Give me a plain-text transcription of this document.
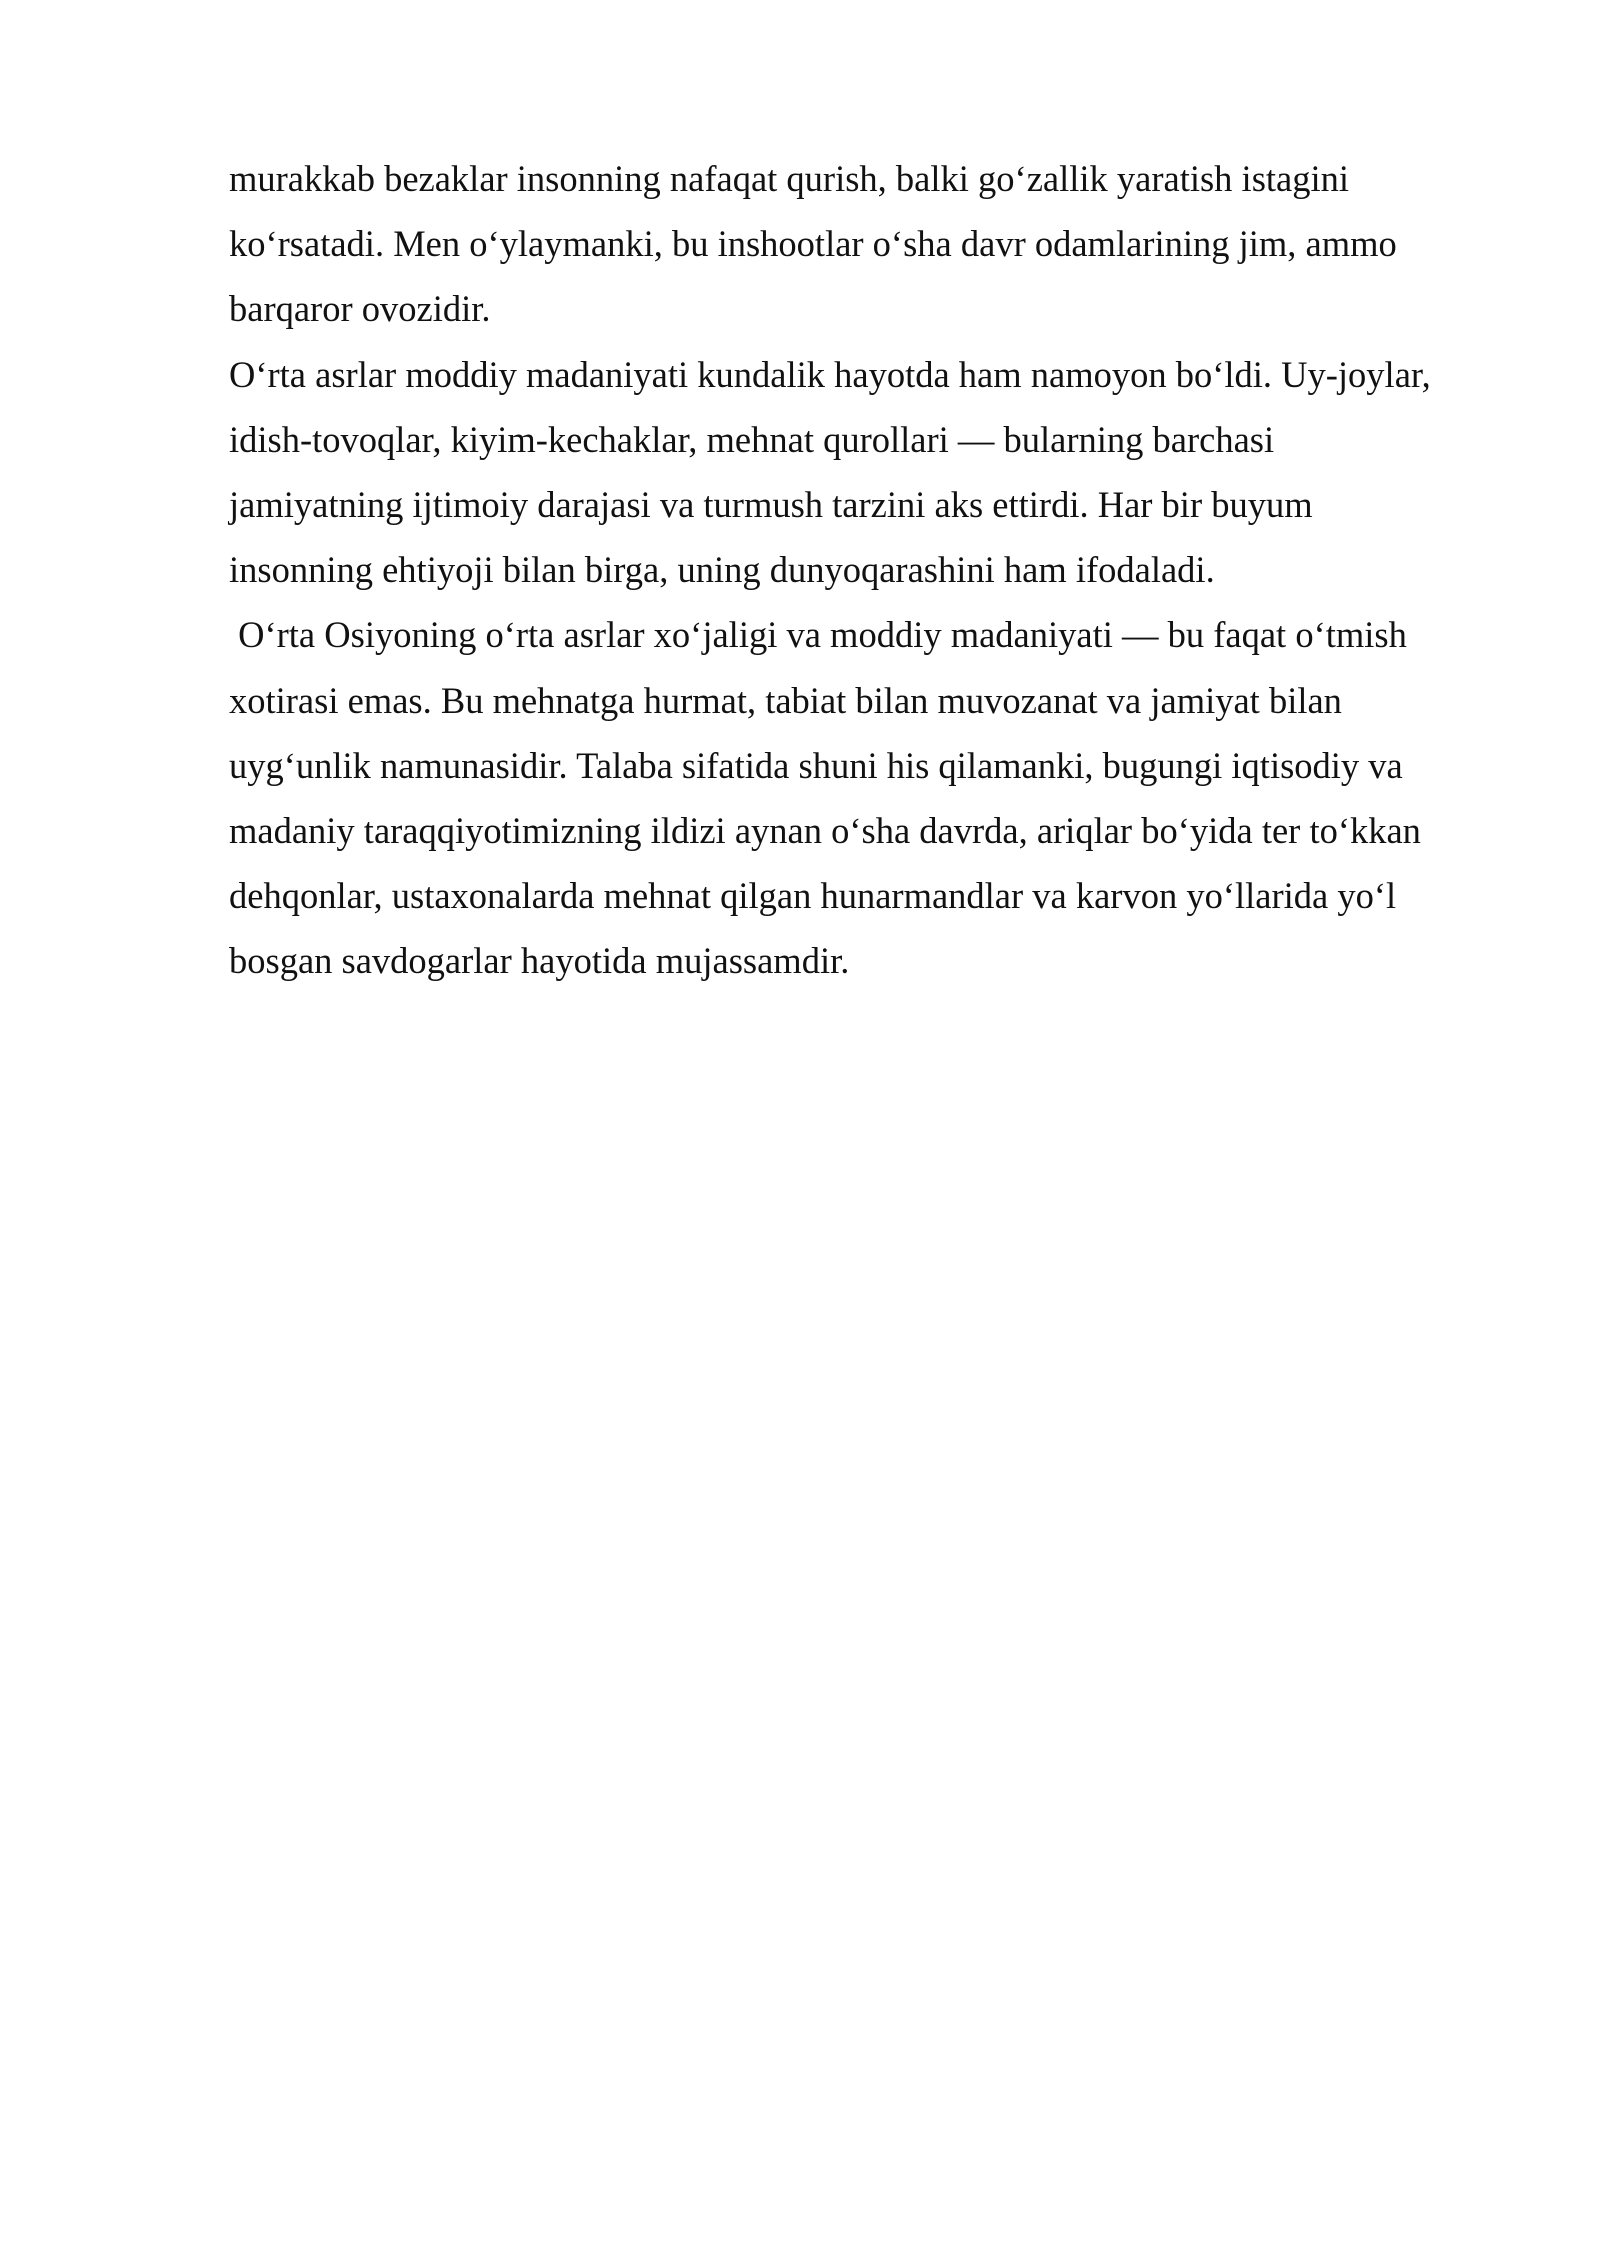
murakkab bezaklar insonning nafaqat qurish, balki go‘zallik yaratish istagini
ko‘rsatadi. Men o‘ylaymanki, bu inshootlar o‘sha davr odamlarining jim, ammo
barqaror ovozidir.
O‘rta asrlar moddiy madaniyati kundalik hayotda ham namoyon bo‘ldi. Uy-joylar,
idish-tovoqlar, kiyim-kechaklar, mehnat qurollari — bularning barchasi
jamiyatning ijtimoiy darajasi va turmush tarzini aks ettirdi. Har bir buyum
insonning ehtiyoji bilan birga, uning dunyoqarashini ham ifodaladi.
O‘rta Osiyoning o‘rta asrlar xo‘jaligi va moddiy madaniyati — bu faqat o‘tmish
xotirasi emas. Bu mehnatga hurmat, tabiat bilan muvozanat va jamiyat bilan
uyg‘unlik namunasidir. Talaba sifatida shuni his qilamanki, bugungi iqtisodiy va
madaniy taraqqiyotimizning ildizi aynan o‘sha davrda, ariqlar bo‘yida ter to‘kkan
dehqonlar, ustaxonalarda mehnat qilgan hunarmandlar va karvon yo‘llarida yo‘l
bosgan savdogarlar hayotida mujassamdir.
